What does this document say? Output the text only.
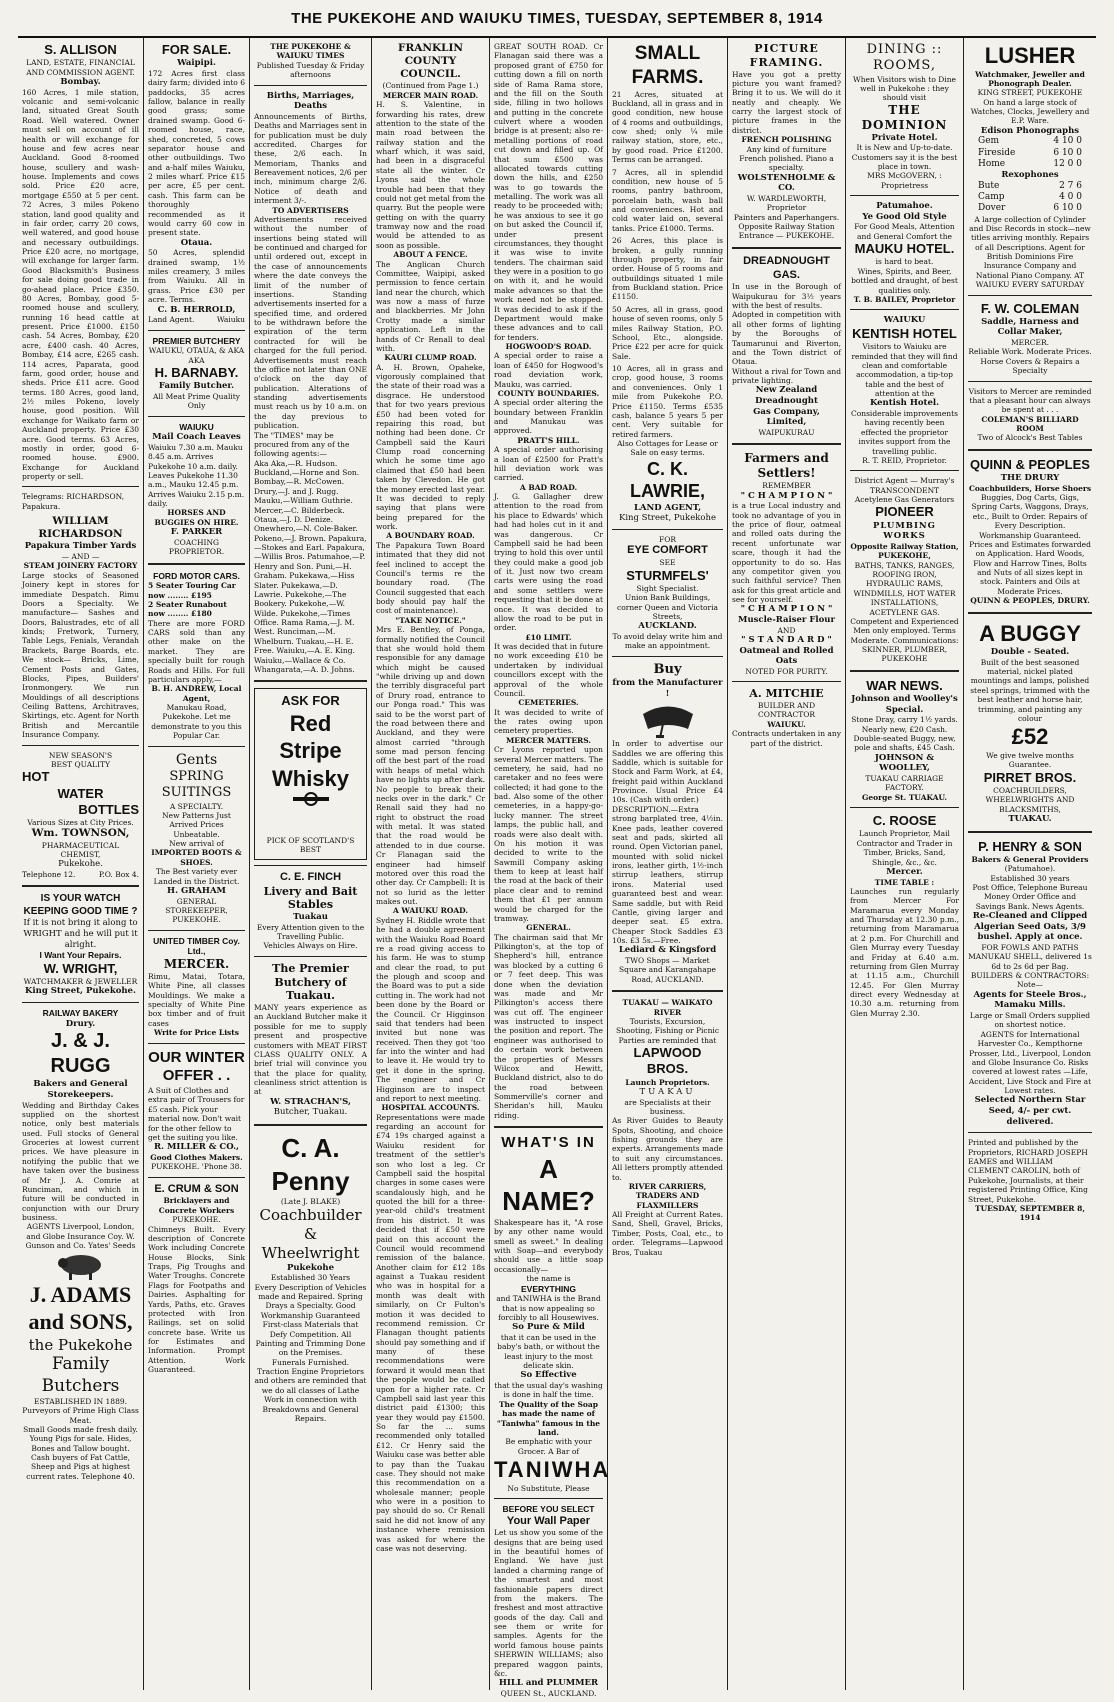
THE PUKEKOHE AND WAIUKU TIMES, TUESDAY, SEPTEMBER 8, 1914
S. ALLISON
LAND, ESTATE, FINANCIAL AND COMMISSION AGENT.
Bombay.
160 Acres, 1 mile station, volcanic and semi-volcanic land, situated Great South Road. Well watered. Owner must sell on account of ill health or will exchange for house and few acres near Auckland. Good 8-roomed house, scullery and wash-house. Implements and cows sold. Price £20 acre, mortgage £550 at 5 per cent. 72 Acres, 3 miles Pokeno station, land good quality and in fair order, carry 20 cows, well watered, and good house and necessary outbuildings. Price £20 acre, no mortgage, will exchange for larger farm. Good Blacksmith's Business for sale doing good trade in go-ahead place. Price £350. 80 Acres, Bombay, good 5-roomed house and scullery, running 16 head cattle at present. Price £1000. £150 cash. 54 Acres, Bombay, £20 acre, £400 cash. 40 Acres, Bombay, £14 acre, £265 cash. 114 acres, Paparata, good farm, good order, house and sheds. Price £11 acre. Good terms. 180 Acres, good land, 2½ miles Pokeno, lovely house, good position. Will exchange for Waikato farm or Auckland property. Price £30 acre. Good terms. 63 Acres, mostly in order, good 6-roomed house. £900. Exchange for Auckland property or sell.
Telegrams: RICHARDSON, Papakura.
WILLIAM RICHARDSON
Papakura Timber Yards
— AND —
STEAM JOINERY FACTORY
Large stocks of Seasoned Joinery kept in stores for immediate Despatch. Rimu Doors a Specialty. We manufacture— Sashes and Doors, Balustrades, etc of all kinds; Fretwork, Turnery, Table Legs, Fenials, Verandah Brackets, Barge Boards, etc. We stock— Bricks, Lime, Cement Posts and Gates, Blocks, Pipes, Builders' Ironmongery. We run Mouldings of all descriptions Ceiling Battens, Architraves, Skirtings, etc. Agent for North British and Mercantile Insurance Company.
NEW SEASON'S
BEST QUALITY
HOT
WATER
BOTTLES
Various Sizes at City Prices.
Wm. TOWNSON,
PHARMACEUTICAL CHEMIST,
Pukekohe.
Telephone 12.	P.O. Box 4.
IS YOUR WATCH KEEPING GOOD TIME ?
If it is not bring it along to WRIGHT and he will put it alright.
I Want Your Repairs.
W. WRIGHT,
WATCHMAKER & JEWELLER
King Street, Pukekohe.
RAILWAY BAKERY
Drury.
J. & J. RUGG
Bakers and General Storekeepers.
Wedding and Birthday Cakes supplied on the shortest notice, only best materials used. Full stocks of General Groceries at lowest current prices. We have pleasure in notifying the public that we have taken over the business of Mr J. A. Comrie at Runciman, and which in future will be conducted in conjunction with our Drury business.
AGENTS Liverpool, London, and Globe Insurance Coy. W. Gunson and Co. Yates' Seeds
J. ADAMS
and SONS,
the Pukekohe
Family Butchers
ESTABLISHED IN 1889.
Purveyors of Prime High Class Meat.
Small Goods made fresh daily.
Young Pigs for sale. Hides, Bones and Tallow bought.
Cash buyers of Fat Cattle, Sheep and Pigs at highest current rates. Telephone 40.
FOR SALE.
Waipipi.
172 Acres first class dairy farm; divided into 6 paddocks, 35 acres fallow, balance in really good grass; some drained swamp. Good 6-roomed house, race, shed, concreted, 5 cows separator house and other outbuildings. Two and a-half miles Waiuku, 2 miles wharf. Price £15 per acre, £5 per cent. cash. This farm can be thoroughly recommended as it would carry 60 cow in present state.
Otaua.
50 Acres, splendid drained swamp, 1½ miles creamery, 3 miles from Waiuku. All in grass. Price £30 per acre. Terms.
C. B. HERROLD,
Land Agent.	Waiuku
PREMIER BUTCHERY
WAIUKU, OTAUA, & AKA AKA
H. BARNABY.
Family Butcher.
All Meat Prime Quality Only
WAIUKU
Mail Coach Leaves
Waiuku 7.30 a.m. Mauku 8.45 a.m. Arrives Pukekohe 10 a.m. daily. Leaves Pukekohe 11.30 a.m., Mauku 12.45 p.m. Arrives Waiuku 2.15 p.m. daily.
HORSES AND BUGGIES ON HIRE.
F. PARKER
COACHING PROPRIETOR.
FORD MOTOR CARS.
5 Seater Touring Car now ........ £195
2 Seater Runabout now ........ £180
There are more FORD CARS sold than any other make on the market. They are specially built for rough Roads and Hills. For full particulars apply,—
B. H. ANDREW, Local Agent,
Manukau Road, Pukekohe. Let me demonstrate to you this Popular Car.
Gents
SPRING SUITINGS
A SPECIALTY.
New Patterns Just Arrived Prices Unbeatable.
New arrival of
IMPORTED BOOTS & SHOES.
The Best variety ever Landed in the District.
H. GRAHAM
GENERAL STOREKEEPER, PUKEKOHE.
UNITED TIMBER Coy. Ltd.,
MERCER.
Rimu, Matai, Totara, White Pine, all classes Mouldings. We make a specialty of White Pine box timber and of fruit cases
Write for Price Lists
OUR WINTER OFFER . .
A Suit of Clothes and extra pair of Trousers for £5 cash. Pick your material now. Don't wait for the other fellow to get the suiting you like.
R. MILLER & CO.,
Good Clothes Makers.
PUKEKOHE. 'Phone 38.
E. CRUM & SON
Bricklayers and Concrete Workers
PUKEKOHE.
Chimneys Built. Every description of Concrete Work including Concrete House Blocks, Sink Traps, Pig Troughs and Water Troughs. Concrete Flags for Footpaths and Dairies. Asphalting for Yards, Paths, etc. Graves protected with Iron Railings, set on solid concrete base. Write us for Estimates and Information. Prompt Attention. Work Guaranteed.
THE PUKEKOHE & WAIUKU TIMES
Published Tuesday & Friday afternoons
Births, Marriages, Deaths
Announcements of Births, Deaths and Marriages sent in for publication must be duly accredited. Charges for these, 2/6 each. In Memoriam, Thanks and Bereavement notices, 2/6 per inch, minimum charge 2/6. Notice of death and interment 3/-.
TO ADVERTISERS
Advertisements received without the number of insertions being stated will be continued and charged for until ordered out, except in the case of announcements where the date conveys the limit of the number of insertions. Standing advertisements inserted for a specified time, and ordered to be withdrawn before the expiration of the term contracted for will be charged for the full period. Advertisements must reach the office not later than ONE o'clock on the day of publication. Alterations of standing advertisements must reach us by 10 a.m. on the day previous to publication.
The "TIMES" may be procured from any of the following agents:—
Aka Aka,—R. Hudson. Buckland,—Horne and Son. Bombay,—R. McCowen. Drury,—J. and J. Rugg. Mauku,—William Guthrie. Mercer,—C. Bilderbeck. Otaua,—J. D. Denize. Onewhero,—N. Cole-Baker. Pokeno,—J. Brown. Papakura,—Stokes and Earl. Papakura,—Willis Bros. Patumahoe,—P. Henry and Son. Puni,—H. Graham. Pukekawa,—Hiss Slater. Pukekawa,—D. Lawrie. Pukekohe,—The Bookery. Pukekohe,—W. Wilde. Pukekohe,—Times Office. Rama Rama,—J. M. West. Runciman,—M. Whelburn. Tuakau,—H. E. Free. Waiuku,—A. E. King. Waiuku,—Wallace & Co. Whangarata,—A. D. Johns.
ASK FOR
Red Stripe
Whisky
PICK OF SCOTLAND'S BEST
C. E. FINCH
Livery and Bait Stables
Tuakau
Every Attention given to the Travelling Public.
Vehicles Always on Hire.
The Premier Butchery of Tuakau.
MANY years experience as an Auckland Butcher make it possible for me to supply present and prospective customers with MEAT FIRST CLASS QUALITY ONLY. A brief trial will convince you that the place for quality, cleanliness strict attention is at
W. STRACHAN'S,
Butcher, Tuakau.
C. A. Penny
(Late J. BLAKE)
Coachbuilder & Wheelwright
Pukekohe
Established 30 Years
Every Description of Vehicles made and Repaired. Spring Drays a Specialty. Good Workmanship Guaranteed
First-class Materials that Defy Competition. All Painting and Trimming Done on the Premises.
Funerals Furnished.
Traction Engine Proprietors and others are reminded that we do all classes of Lathe Work in connection with Breakdowns and General Repairs.
FRANKLIN COUNTY COUNCIL.
(Continued from Page 1.)
MERCER MAIN ROAD.
H. S. Valentine, in forwarding his rates, drew attention to the state of the main road between the railway station and the wharf which, it was said, had been in a disgraceful state all the winter. Cr Lyons said the whole trouble had been that they could not get metal from the quarry. But the people were getting on with the quarry tramway now and the road would be attended to as soon as possible.
ABOUT A FENCE.
The Anglican Church Committee, Waipipi, asked permission to fence certain land near the church, which was now a mass of furze and blackberries. Mr John Crotty made a similar application. Left in the hands of Cr Renall to deal with.
KAURI CLUMP ROAD.
A. H. Brown, Opaheke, vigorously complained that the state of their road was a disgrace. He understood that for two years previous £50 had been voted for repairing this road, but nothing had been done. Cr Campbell said the Kauri Clump road concerning which he some time ago claimed that £50 had been taken by Clevedon. He got the money erected last year. It was decided to reply saying that plans were being prepared for the work.
A BOUNDARY ROAD.
The Papakura Town Board intimated that they did not feel inclined to accept the Council's terms re the boundary road. (The Council suggested that each body should pay half the cost of maintenance).
"TAKE NOTICE."
Mrs E. Bentley, of Ponga, formally notified the Council that she would hold them responsible for any damage which might be caused "while driving up and down the terribly disgraceful part of Drury road, entrance to our Ponga road." This was said to be the worst part of the road between there and Auckland, and they were almost carried "through some mad person fencing off the best part of the road with heaps of metal which have no lights up after dark. No people to break their necks over in the dark." Cr Renall said they had no right to obstruct the road with metal. It was stated that the road would be attended to in due course. Cr Flanagan said the engineer had himself motored over this road the other day. Cr Campbell: It is not so lurid as the letter makes out.
A WAIUKU ROAD.
Sydney H. Riddle wrote that he had a double agreement with the Waiuku Road Board re a road giving access to his farm. He was to stump and clear the road, to put the plough and scoop and the Board was to put a side cutting in. The work had not been done by the Board or the Council. Cr Higginson said that tenders had been invited but none was received. Then they got 'too far into the winter and had to leave it. He would try to get it done in the spring. The engineer and Cr Higginson are to inspect and report to next meeting.
HOSPITAL ACCOUNTS.
Representations were made regarding an account for £74 19s charged against a Waiuku resident for treatment of the settler's son who lost a leg. Cr Campbell said the hospital charges in some cases were scandalously high, and he quoted the bill for a three-year-old child's treatment from his district. It was decided that if £50 were paid on this account the Council would recommend remission of the balance. Another claim for £12 18s against a Tuakau resident who was in hospital for a month was dealt with similarly, on Cr Fulton's motion it was decided to recommend remission. Cr Flanagan thought patients should pay something and if many of these recommendations were forward it would mean that the people would be called upon for a higher rate. Cr Campbell said last year this district paid £1300; this year they would pay £1500. So far the ... sums recommended only totalled £12. Cr Henry said the Waiuku case was better able to pay than the Tuakau case. They should not make this recommendation on a wholesale manner; people who were in a position to pay should do so. Cr Renall said he did not know of any instance where remission was asked for where the case was not deserving.
GREAT SOUTH ROAD. Cr Flanagan said there was a proposed grant of £750 for cutting down a fill on north side of Rama Rama store, and the fill on the South side, filling in two hollows and putting in the concrete culvert where a wooden bridge is at present; also re-metalling portions of road cut down and filled up. Of that sum £500 was allocated towards cutting down the hills, and £250 was to go towards the metalling. The work was all ready to be proceeded with; he was anxious to see it go on but asked the Council if, under present circumstances, they thought it was wise to invite tenders. The chairman said they were in a position to go on with it, and he would make advances so that the work need not be stopped. It was decided to ask if the Department would make these advances and to call for tenders.
HOGWOOD'S ROAD.
A special order to raise a loan of £450 for Hogwood's road deviation work, Mauku, was carried.
COUNTY BOUNDARIES.
A special order altering the boundary between Franklin and Manukau was approved.
PRATT'S HILL.
A special order authorising a loan of £2500 for Pratt's hill deviation work was carried.
A BAD ROAD.
J. G. Gallagher drew attention to the road from his place to Edwards' which had had holes cut in it and was dangerous. Cr Campbell said he had been trying to hold this over until they could make a good job of it. Just now two cream carts were using the road and some settlers were requesting that it be done at once. It was decided to allow the road to be put in order.
£10 LIMIT.
It was decided that in future no work exceeding £10 be undertaken by individual councillors except with the approval of the whole Council.
CEMETERIES.
It was decided to write of the rates owing upon cemetery properties.
MERCER MATTERS.
Cr Lyons reported upon several Mercer matters. The cemetery, he said, had no caretaker and no fees were collected; it had gone to the bad. Also some of the other cemeteries, in a happy-go-lucky manner. The street lamps, the public hall, and roads were also dealt with. On his motion it was decided to write to the Sawmill Company asking them to keep at least half the road at the back of their place clear and to remind them that £1 per annum would be charged for the tramway.
GENERAL.
The chairman said that Mr Pilkington's, at the top of Shepherd's hill, entrance was blocked by a cutting 6 or 7 feet deep. This was done when the deviation was made and Mr Pilkington's access there was cut off. The engineer was instructed to inspect the position and report. The engineer was authorised to do certain work between the properties of Messrs Wilcox and Hewitt, Buckland district, also to do the road between Sommerville's corner and Sheridan's hill, Mauku riding.
WHAT'S IN
A NAME?
Shakespeare has it, "A rose by any other name would smell as sweet." In dealing with Soap—and everybody should use a little soap occasionally—
the name is
EVERYTHING
and TANIWHA is the Brand that is now appealing so forcibly to all Housewives.
So Pure & Mild
that it can be used in the baby's bath, or without the least injury to the most delicate skin.
So Effective
that the usual day's washing is done in half the time.
The Quality of the Soap has made the name of "Taniwha" famous in the land.
Be emphatic with your Grocer. A Bar of
TANIWHA
No Substitute, Please
BEFORE YOU SELECT
Your Wall Paper
Let us show you some of the designs that are being used in the beautiful homes of England. We have just landed a charming range of the smartest and most fashionable papers direct from the makers. The freshest and most attractive goods of the day. Call and see them or write for samples. Agents for the world famous house paints SHERWIN WILLIAMS; also prepared waggon paints, &c.
HILL and PLUMMER
QUEEN St., AUCKLAND.
SMALL FARMS.
21 Acres, situated at Buckland, all in grass and in good condition, new house of 4 rooms and outbuildings, cow shed; only ¼ mile railway station, store, etc., by good road. Price £1200. Terms can be arranged.
7 Acres, all in splendid condition, new house of 5 rooms, pantry bathroom, porcelain bath, wash ball and conveniences. Hot and cold water laid on, several tanks. Price £1000. Terms.
26 Acres, this place is broken, a gully running through property, in fair order. House of 5 rooms and outbuildings situated 1 mile from Buckland station. Price £1150.
50 Acres, all in grass, good house of seven rooms, only 5 miles Railway Station, P.O. School, Etc., alongside. Price £22 per acre for quick Sale.
10 Acres, all in grass and crop, good house, 3 rooms and conveniences. Only 1 mile from Pukekohe P.O. Price £1150. Terms £535 cash, balance 5 years 5 per cent. Very suitable for retired farmers.
Also Cottages for Lease or Sale on easy terms.
C. K. LAWRIE,
LAND AGENT,
King Street, Pukekohe
FOR
EYE COMFORT
SEE
STURMFELS'
Sight Specialist.
Union Bank Buildings, corner Queen and Victoria Streets,
AUCKLAND.
To avoid delay write him and make an appointment.
Buy
from the Manufacturer !
In order to advertise our Saddles we are offering this Saddle, which is suitable for Stock and Farm Work, at £4, freight paid within Auckland Province. Usual Price £4 10s. (Cash with order.)
DESCRIPTION.—Extra strong barplated tree, 4½in. Knee pads, leather covered seat and pads, skirted all round. Open Victorian panel, mounted with solid nickel irons, leather girth, 1½-inch stirrup leathers, stirrup irons. Material used guaranteed best and wear. Same saddle, but with Reid Cantle, giving larger and deeper seat. £5 extra. Cheaper Stock Saddles £3 10s. £3 5s.—Free.
Lediard & Kingsford
TWO Shops — Market Square and Karangahape Road, AUCKLAND.
TUAKAU — WAIKATO RIVER
Tourists, Excursion, Shooting, Fishing or Picnic Parties are reminded that
LAPWOOD BROS.
Launch Proprietors.
TUAKAU
are Specialists at their business.
As River Guides to Beauty Spots, Shooting, and choice fishing grounds they are experts. Arrangements made to suit any circumstances. All letters promptly attended to.
RIVER CARRIERS, TRADERS AND FLAXMILLERS
All Freight at Current Rates. Sand, Shell, Gravel, Bricks, Timber, Posts, Coal, etc., to order. Telegrams—Lapwood Bros, Tuakau
PICTURE FRAMING.
Have you got a pretty picture you want framed? Bring it to us. We will do it neatly and cheaply. We carry the largest stock of picture frames in the district.
FRENCH POLISHING
Any kind of furniture French polished. Piano a specialty.
WOLSTENHOLME & CO.
W. WARDLEWORTH, Proprietor
Painters and Paperhangers. Opposite Railway Station Entrance — PUKEKOHE.
DREADNOUGHT GAS.
In use in the Borough of Waipukurau for 3½ years with the best of results.
Adopted in competition with all other forms of lighting by the Boroughs of Taumarunui and Riverton, and the Town district of Otaua.
Without a rival for Town and private lighting.
New Zealand Dreadnought
Gas Company, Limited,
WAIPUKURAU
Farmers and Settlers!
REMEMBER
" C H A M P I O N "
is a true Local industry and took no advantage of you in the price of flour, oatmeal and rolled oats during the recent unfortunate war scare, though it had the opportunity to do so. Has any competitor given you such faithful service? Then ask for this great article and see for yourself.
" C H A M P I O N "
Muscle-Raiser Flour
AND
" S T A N D A R D "
Oatmeal and Rolled Oats
NOTED FOR PURITY.
A. MITCHIE
BUILDER AND CONTRACTOR
WAIUKU.
Contracts undertaken in any part of the district.
DINING :: ROOMS,
When Visitors wish to Dine well in Pukekohe : they should visit
THE DOMINION
Private Hotel.
It is New and Up-to-date. Customers say it is the best place in town.
MRS McGOVERN, : Proprietress
Patumahoe.
Ye Good Old Style
For Good Meals, Attention and General Comfort the
MAUKU HOTEL.
is hard to beat.
Wines, Spirits, and Beer, bottled and draught, of best qualities only.
T. B. BAILEY, Proprietor
WAIUKU
KENTISH HOTEL
Visitors to Waiuku are reminded that they will find clean and comfortable accommodation, a tip-top table and the best of attention at the
Kentish Hotel.
Considerable improvements having recently been effected the proprietor invites support from the travelling public.
R. T. REID, Proprietor.
District Agent — Murray's TRANSCONDENT Acetylene Gas Generators
PIONEER
PLUMBING WORKS
Opposite Railway Station, PUKEKOHE,
BATHS, TANKS, RANGES, ROOFING IRON, HYDRAULIC RAMS, WINDMILLS, HOT WATER INSTALLATIONS, ACETYLENE GAS. Competent and Experienced Men only employed. Terms Moderate. Communications:
SKINNER, PLUMBER, PUKEKOHE
WAR NEWS.
Johnson and Woolley's Special.
Stone Dray, carry 1½ yards. Nearly new, £20 Cash.
Double-seated Buggy, new, pole and shafts, £45 Cash.
JOHNSON & WOOLLEY,
TUAKAU CARRIAGE FACTORY.
George St. TUAKAU.
C. ROOSE
Launch Proprietor, Mail Contractor and Trader in Timber, Bricks, Sand, Shingle, &c., &c.
Mercer.
TIME TABLE :
Launches run regularly from Mercer For Maramarua every Monday and Thursday at 12.30 p.m., returning from Maramarua at 2 p.m. For Churchill and Glen Murray every Tuesday and Friday at 6.40 a.m. returning from Glen Murray at 11.15 a.m., Churchill 12.45. For Glen Murray direct every Wednesday at 10.30 a.m. returning from Glen Murray 2.30.
LUSHER
Watchmaker, Jeweller and Phonograph Dealer.
KING STREET, PUKEKOHE
On hand a large stock of Watches, Clocks, Jewellery and E.P. Ware.
Edison Phonographs
Gem	4 10 0
Fireside	6 10 0
Home	12 0 0
Rexophones
Bute	2 7 6
Camp	4 0 0
Dover	6 10 0
A large collection of Cylinder and Disc Records in stock—new titles arriving monthly. Repairs of all Descriptions. Agent for British Dominions Fire Insurance Company and National Piano Company. AT WAIUKU EVERY SATURDAY
F. W. COLEMAN
Saddle, Harness and Collar Maker,
MERCER.
Reliable Work. Moderate Prices. Horse Covers & Repairs a Specialty
Visitors to Mercer are reminded that a pleasant hour can always be spent at . . .
COLEMAN'S BILLIARD ROOM
Two of Alcock's Best Tables
QUINN & PEOPLES
THE DRURY
Coachbuilders, Horse Shoers
Buggies, Dog Carts, Gigs, Spring Carts, Waggons, Drays, etc., Built to Order. Repairs of Every Description. Workmanship Guaranteed. Prices and Estimates forwarded on Application. Hard Woods, Flow and Harrow Tines, Bolts and Nuts of all sizes kept in stock. Painters and Oils at Moderate Prices.
QUINN & PEOPLES, DRURY.
A BUGGY
Double - Seated.
Built of the best seasoned material, nickel plated mountings and lamps, polished steel springs, trimmed with the best leather and horse hair, trimming, and painting any colour
£52
We give twelve months Guarantee.
PIRRET BROS.
COACHBUILDERS, WHEELWRIGHTS AND BLACKSMITHS,
TUAKAU.
P. HENRY & SON
Bakers & General Providers
(Patumahoe).
Established 30 years
Post Office, Telephone Bureau Money Order Office and Savings Bank. News Agents.
Re-Cleaned and Clipped Algerian Seed Oats, 3/9 bushel. Apply at once.
FOR FOWLS AND PATHS MANUKAU SHELL, delivered 1s 6d to 2s 6d per Bag.
BUILDERS & CONTRACTORS: Note—
Agents for Steele Bros., Mamaku Mills.
Large or Small Orders supplied on shortest notice.
AGENTS for International Harvester Co., Kempthorne Prosser, Ltd., Liverpool, London and Globe Insurance Co. Risks covered at lowest rates —Life, Accident, Live Stock and Fire at Lowest rates.
Selected Northern Star Seed, 4/- per cwt. delivered.
Printed and published by the Proprietors, RICHARD JOSEPH EAMES and WILLIAM CLEMENT CAROLIN, both of Pukekohe, Journalists, at their registered Printing Office, King Street, Pukekohe.
TUESDAY, SEPTEMBER 8, 1914
